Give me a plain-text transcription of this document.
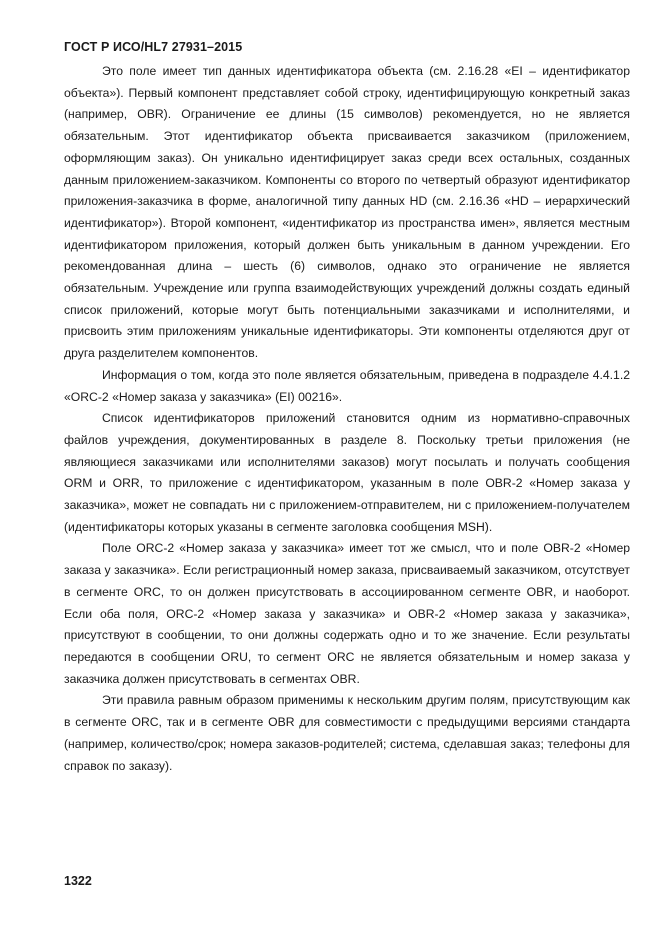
ГОСТ Р ИСО/HL7 27931–2015

Это поле имеет тип данных идентификатора объекта (см. 2.16.28 «EI – идентификатор объекта»). Первый компонент представляет собой строку, идентифицирующую конкретный заказ (например, OBR). Ограничение ее длины (15 символов) рекомендуется, но не является обязательным. Этот идентификатор объекта присваивается заказчиком (приложением, оформляющим заказ). Он уникально идентифицирует заказ среди всех остальных, созданных данным приложением-заказчиком. Компоненты со второго по четвертый образуют идентификатор приложения-заказчика в форме, аналогичной типу данных HD (см. 2.16.36 «HD – иерархический идентификатор»). Второй компонент, «идентификатор из пространства имен», является местным идентификатором приложения, который должен быть уникальным в данном учреждении. Его рекомендованная длина – шесть (6) символов, однако это ограничение не является обязательным. Учреждение или группа взаимодействующих учреждений должны создать единый список приложений, которые могут быть потенциальными заказчиками и исполнителями, и присвоить этим приложениям уникальные идентификаторы. Эти компоненты отделяются друг от друга разделителем компонентов.

Информация о том, когда это поле является обязательным, приведена в подразделе 4.4.1.2 «ORC-2 «Номер заказа у заказчика» (EI) 00216».

Список идентификаторов приложений становится одним из нормативно-справочных файлов учреждения, документированных в разделе 8. Поскольку третьи приложения (не являющиеся заказчиками или исполнителями заказов) могут посылать и получать сообщения ORM и ORR, то приложение с идентификатором, указанным в поле OBR-2 «Номер заказа у заказчика», может не совпадать ни с приложением-отправителем, ни с приложением-получателем (идентификаторы которых указаны в сегменте заголовка сообщения MSH).

Поле ORC-2 «Номер заказа у заказчика» имеет тот же смысл, что и поле OBR-2 «Номер заказа у заказчика». Если регистрационный номер заказа, присваиваемый заказчиком, отсутствует в сегменте ORC, то он должен присутствовать в ассоциированном сегменте OBR, и наоборот. Если оба поля, ORC-2 «Номер заказа у заказчика» и OBR-2 «Номер заказа у заказчика», присутствуют в сообщении, то они должны содержать одно и то же значение. Если результаты передаются в сообщении ORU, то сегмент ORC не является обязательным и номер заказа у заказчика должен присутствовать в сегментах OBR.

Эти правила равным образом применимы к нескольким другим полям, присутствующим как в сегменте ORC, так и в сегменте OBR для совместимости с предыдущими версиями стандарта (например, количество/срок; номера заказов-родителей; система, сделавшая заказ; телефоны для справок по заказу).

1322
